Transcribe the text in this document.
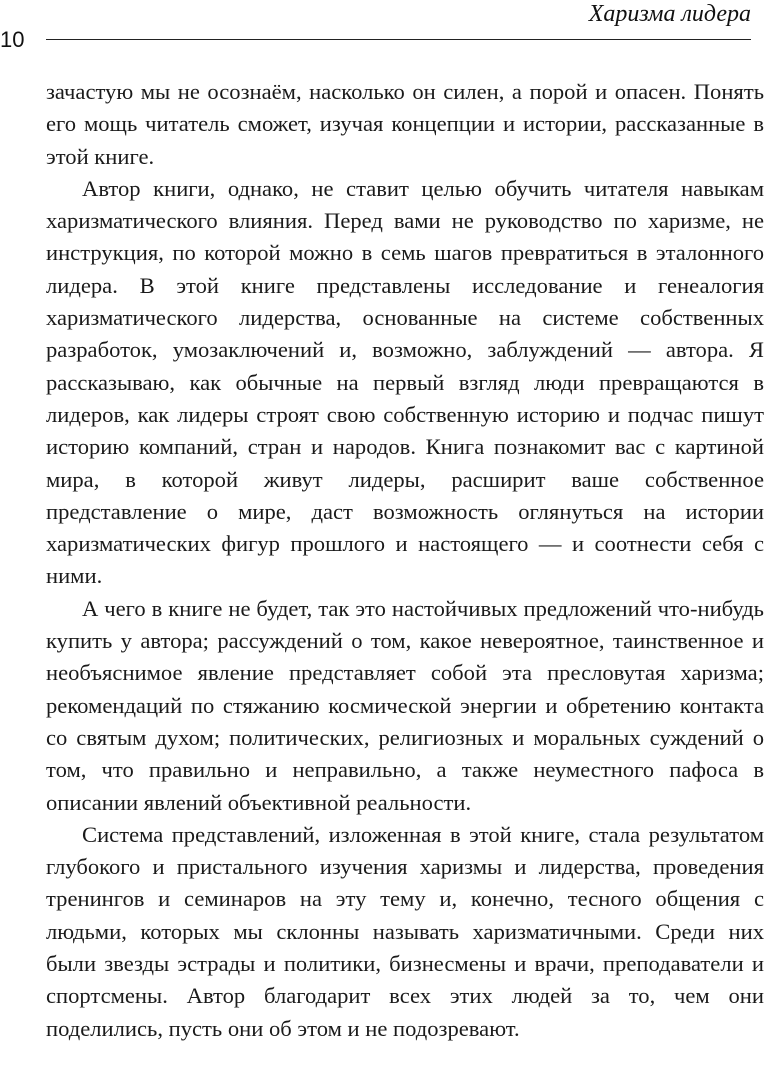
10
Харизма лидера

зачастую мы не осознаём, насколько он силен, а порой и опасен. Понять его мощь читатель сможет, изучая концепции и истории, рассказанные в этой книге.

Автор книги, однако, не ставит целью обучить читателя навыкам харизматического влияния. Перед вами не руководство по харизме, не инструкция, по которой можно в семь шагов превратиться в эталонного лидера. В этой книге представлены исследование и генеалогия харизматического лидерства, основанные на системе собственных разработок, умозаключений и, возможно, заблуждений — автора. Я рассказываю, как обычные на первый взгляд люди превращаются в лидеров, как лидеры строят свою собственную историю и подчас пишут историю компаний, стран и народов. Книга познакомит вас с картиной мира, в которой живут лидеры, расширит ваше собственное представление о мире, даст возможность оглянуться на истории харизматических фигур прошлого и настоящего — и соотнести себя с ними.

А чего в книге не будет, так это настойчивых предложений что-нибудь купить у автора; рассуждений о том, какое невероятное, таинственное и необъяснимое явление представляет собой эта пресловутая харизма; рекомендаций по стяжанию космической энергии и обретению контакта со святым духом; политических, религиозных и моральных суждений о том, что правильно и неправильно, а также неуместного пафоса в описании явлений объективной реальности.

Система представлений, изложенная в этой книге, стала результатом глубокого и пристального изучения харизмы и лидерства, проведения тренингов и семинаров на эту тему и, конечно, тесного общения с людьми, которых мы склонны называть харизматичными. Среди них были звезды эстрады и политики, бизнесмены и врачи, преподаватели и спортсмены. Автор благодарит всех этих людей за то, чем они поделились, пусть они об этом и не подозревают.
